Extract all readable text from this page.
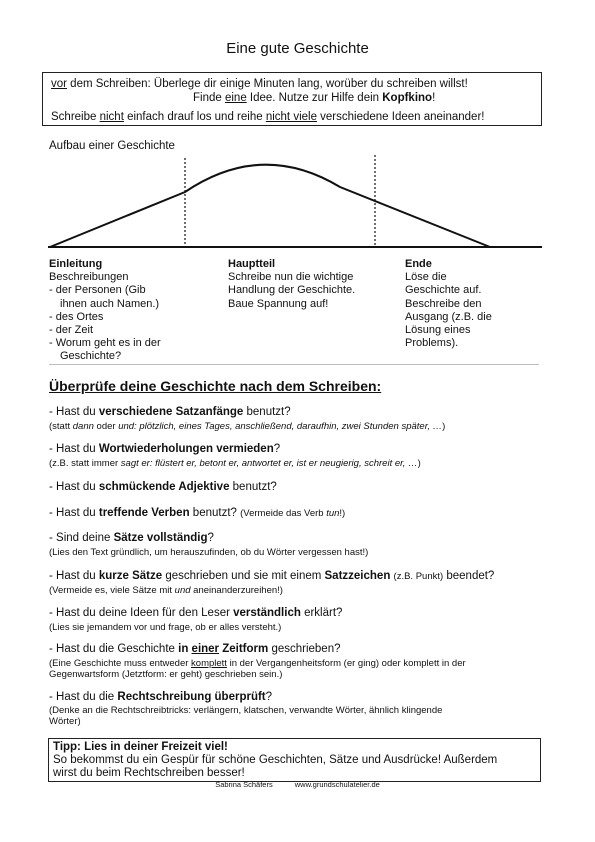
Eine gute Geschichte
vor dem Schreiben: Überlege dir einige Minuten lang, worüber du schreiben willst!
Finde eine Idee. Nutze zur Hilfe dein Kopfkino!
Schreibe nicht einfach drauf los und reihe nicht viele verschiedene Ideen aneinander!
Aufbau einer Geschichte
Einleitung
Beschreibungen
- der Personen (Gib
ihnen auch Namen.)
- des Ortes
- der Zeit
- Worum geht es in der
Geschichte?
Hauptteil
Schreibe nun die wichtige
Handlung der Geschichte.
Baue Spannung auf!
Ende
Löse die
Geschichte auf.
Beschreibe den
Ausgang (z.B. die
Lösung eines
Problems).
Überprüfe deine Geschichte nach dem Schreiben:
- Hast du verschiedene Satzanfänge benutzt?
(statt dann oder und: plötzlich, eines Tages, anschließend, daraufhin, zwei Stunden später, …)
- Hast du Wortwiederholungen vermieden?
(z.B. statt immer sagt er: flüstert er, betont er, antwortet er, ist er neugierig, schreit er, …)
- Hast du schmückende Adjektive benutzt?
- Hast du treffende Verben benutzt? (Vermeide das Verb tun!)
- Sind deine Sätze vollständig?
(Lies den Text gründlich, um herauszufinden, ob du Wörter vergessen hast!)
- Hast du kurze Sätze geschrieben und sie mit einem Satzzeichen (z.B. Punkt) beendet?
(Vermeide es, viele Sätze mit und aneinanderzureihen!)
- Hast du deine Ideen für den Leser verständlich erklärt?
(Lies sie jemandem vor und frage, ob er alles versteht.)
- Hast du die Geschichte in einer Zeitform geschrieben?
(Eine Geschichte muss entweder komplett in der Vergangenheitsform (er ging) oder komplett in der
Gegenwartsform (Jetztform: er geht) geschrieben sein.)
- Hast du die Rechtschreibung überprüft?
(Denke an die Rechtschreibtricks: verlängern, klatschen, verwandte Wörter, ähnlich klingende
Wörter)
Tipp: Lies in deiner Freizeit viel!
So bekommst du ein Gespür für schöne Geschichten, Sätze und Ausdrücke! Außerdem
wirst du beim Rechtschreiben besser!
Sabrina Schäfers	www.grundschulatelier.de
